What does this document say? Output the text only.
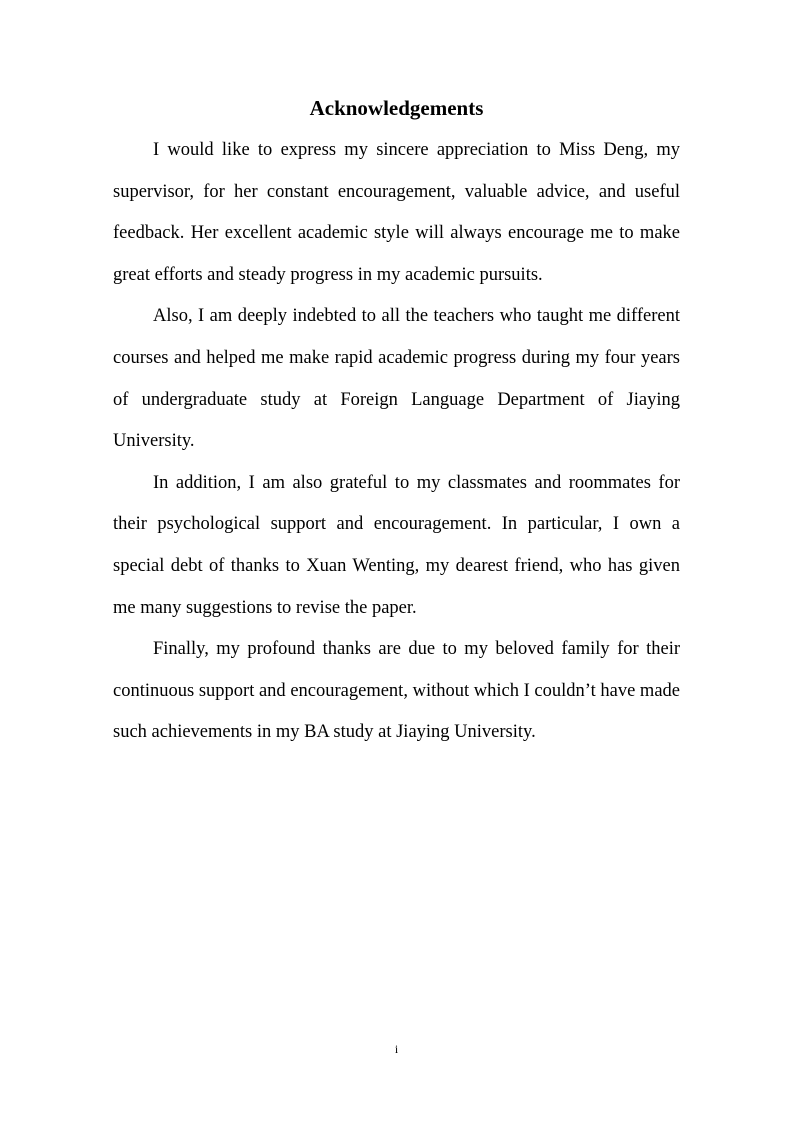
Acknowledgements

I would like to express my sincere appreciation to Miss Deng, my supervisor, for her constant encouragement, valuable advice, and useful feedback. Her excellent academic style will always encourage me to make great efforts and steady progress in my academic pursuits.

Also, I am deeply indebted to all the teachers who taught me different courses and helped me make rapid academic progress during my four years of undergraduate study at Foreign Language Department of Jiaying University.

In addition, I am also grateful to my classmates and roommates for their psychological support and encouragement. In particular, I own a special debt of thanks to Xuan Wenting, my dearest friend, who has given me many suggestions to revise the paper.

Finally, my profound thanks are due to my beloved family for their continuous support and encouragement, without which I couldn’t have made such achievements in my BA study at Jiaying University.

i
